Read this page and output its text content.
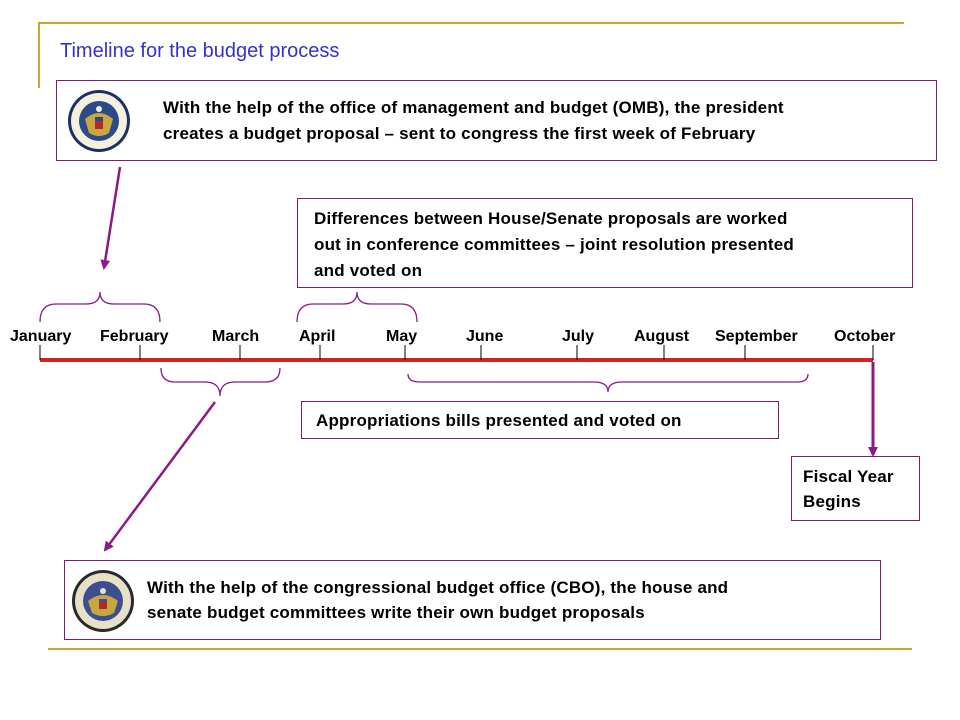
Timeline for the budget process
With the help of the office of management and budget (OMB), the president
creates a budget proposal – sent to congress the first week of February
Differences between House/Senate proposals are worked
out in conference committees – joint resolution presented
and voted on
January February	March April	May	June	July August September October
Appropriations bills presented and voted on
Fiscal Year
Begins
With the help of the congressional budget office (CBO), the house and
senate budget committees write their own budget proposals
